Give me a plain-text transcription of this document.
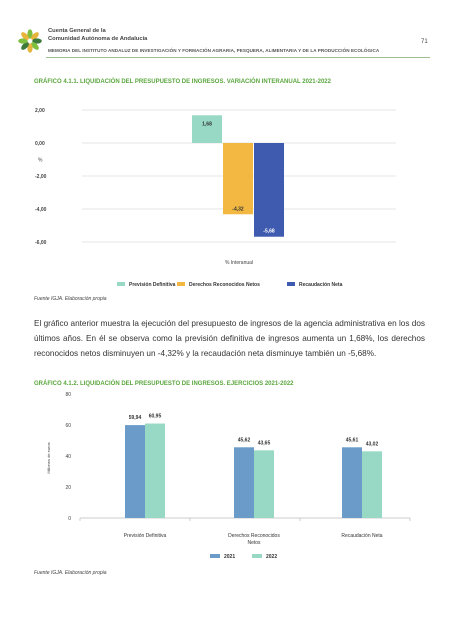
Cuenta General de la
Comunidad Autónoma de Andalucía
MEMORIA DEL INSTITUTO ANDALUZ DE INVESTIGACIÓN Y FORMACIÓN AGRARIA, PESQUERA, ALIMENTARIA Y DE LA PRODUCCIÓN ECOLÓGICA
71
GRÁFICO 4.1.1. LIQUIDACIÓN DEL PRESUPUESTO DE INGRESOS. VARIACIÓN INTERANUAL 2021-2022
2,00
0,00
-2,00
-4,00
-6,00
%
1,68
-4,32
-5,68
% Interanual
Previsión Definitiva	Derechos Reconocidos Netos	Recaudación Neta
Fuente IGJA. Elaboración propia
El gráfico anterior muestra la ejecución del presupuesto de ingresos de la agencia administrativa en los dos últimos años. En él se observa como la previsión definitiva de ingresos aumenta un 1,68%, los derechos reconocidos netos disminuyen un -4,32% y la recaudación neta disminuye también un -5,68%.
GRÁFICO 4.1.2. LIQUIDACIÓN DEL PRESUPUESTO DE INGRESOS. EJERCICIOS 2021-2022
80
60
40
20
0
Millones de euros
59,94 60,95
Previsión Definitiva
45,62
43,65
Derechos Reconocidos
Netos
45,61
43,02
Recaudación Neta
2021	2022
Fuente IGJA. Elaboración propia
